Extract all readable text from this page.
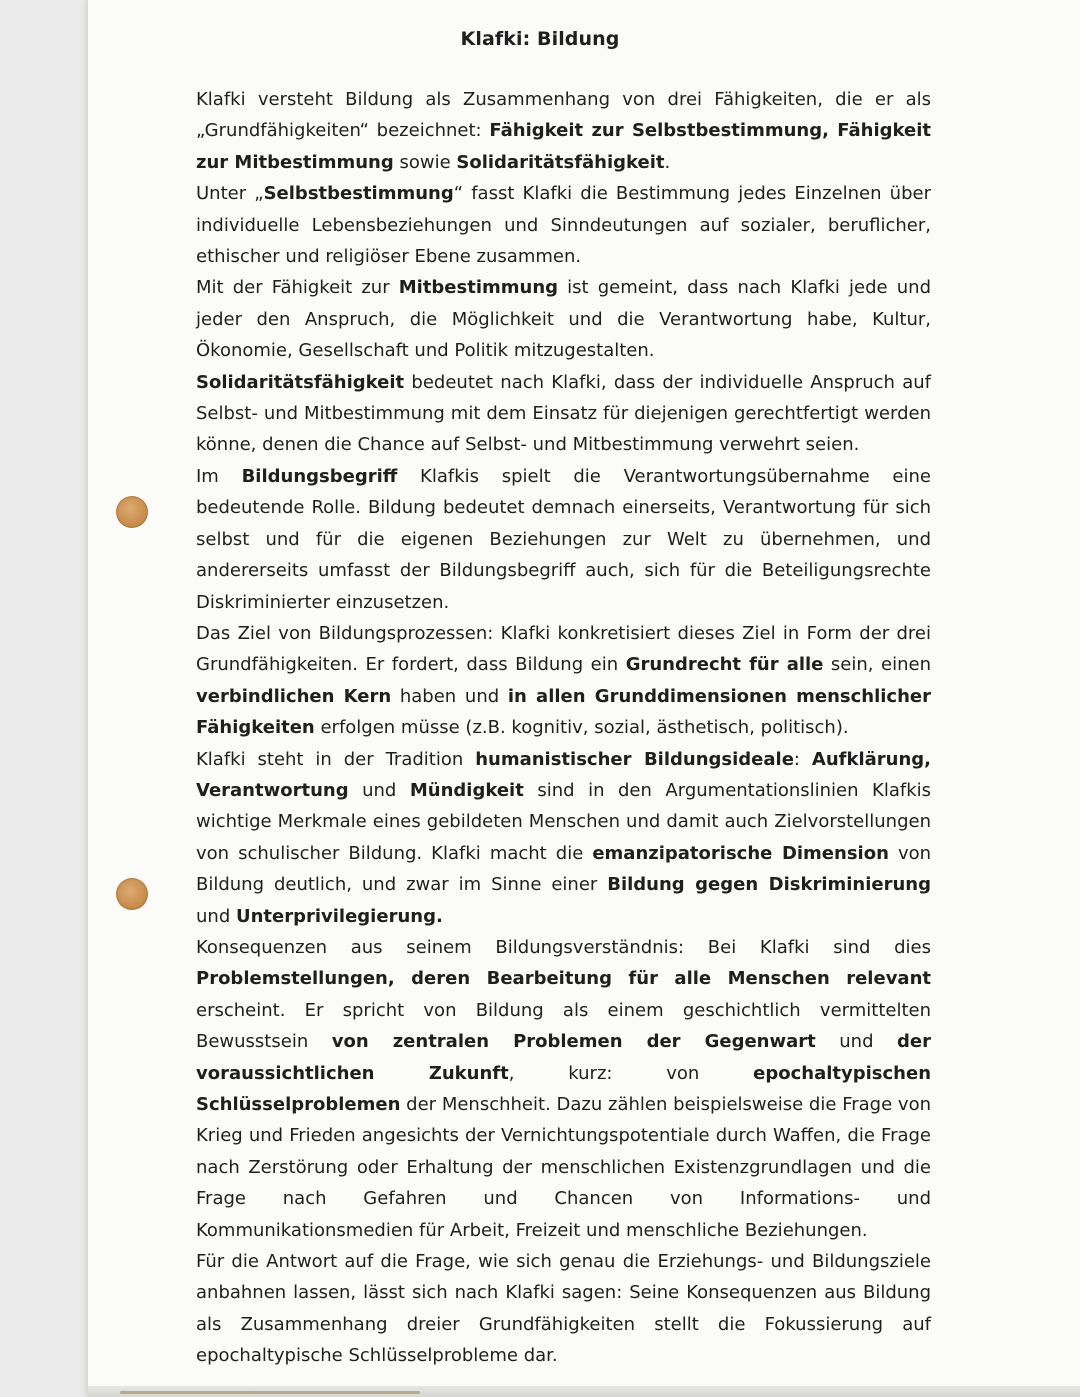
Klafki: Bildung

Klafki versteht Bildung als Zusammenhang von drei Fähigkeiten, die er als „Grundfähigkeiten“ bezeichnet: Fähigkeit zur Selbstbestimmung, Fähigkeit zur Mitbestimmung sowie Solidaritätsfähigkeit.

Unter „Selbstbestimmung“ fasst Klafki die Bestimmung jedes Einzelnen über individuelle Lebensbeziehungen und Sinndeutungen auf sozialer, beruflicher, ethischer und religiöser Ebene zusammen.

Mit der Fähigkeit zur Mitbestimmung ist gemeint, dass nach Klafki jede und jeder den Anspruch, die Möglichkeit und die Verantwortung habe, Kultur, Ökonomie, Gesellschaft und Politik mitzugestalten.

Solidaritätsfähigkeit bedeutet nach Klafki, dass der individuelle Anspruch auf Selbst- und Mitbestimmung mit dem Einsatz für diejenigen gerechtfertigt werden könne, denen die Chance auf Selbst- und Mitbestimmung verwehrt seien.

Im Bildungsbegriff Klafkis spielt die Verantwortungsübernahme eine bedeutende Rolle. Bildung bedeutet demnach einerseits, Verantwortung für sich selbst und für die eigenen Beziehungen zur Welt zu übernehmen, und andererseits umfasst der Bildungsbegriff auch, sich für die Beteiligungsrechte Diskriminierter einzusetzen.

Das Ziel von Bildungsprozessen: Klafki konkretisiert dieses Ziel in Form der drei Grundfähigkeiten. Er fordert, dass Bildung ein Grundrecht für alle sein, einen verbindlichen Kern haben und in allen Grunddimensionen menschlicher Fähigkeiten erfolgen müsse (z.B. kognitiv, sozial, ästhetisch, politisch).

Klafki steht in der Tradition humanistischer Bildungsideale: Aufklärung, Verantwortung und Mündigkeit sind in den Argumentationslinien Klafkis wichtige Merkmale eines gebildeten Menschen und damit auch Zielvorstellungen von schulischer Bildung. Klafki macht die emanzipatorische Dimension von Bildung deutlich, und zwar im Sinne einer Bildung gegen Diskriminierung und Unterprivilegierung.

Konsequenzen aus seinem Bildungsverständnis: Bei Klafki sind dies Problemstellungen, deren Bearbeitung für alle Menschen relevant erscheint. Er spricht von Bildung als einem geschichtlich vermittelten Bewusstsein von zentralen Problemen der Gegenwart und der voraussichtlichen Zukunft, kurz: von epochaltypischen Schlüsselproblemen der Menschheit. Dazu zählen beispielsweise die Frage von Krieg und Frieden angesichts der Vernichtungspotentiale durch Waffen, die Frage nach Zerstörung oder Erhaltung der menschlichen Existenzgrundlagen und die Frage nach Gefahren und Chancen von Informations- und Kommunikationsmedien für Arbeit, Freizeit und menschliche Beziehungen.

Für die Antwort auf die Frage, wie sich genau die Erziehungs- und Bildungsziele anbahnen lassen, lässt sich nach Klafki sagen: Seine Konsequenzen aus Bildung als Zusammenhang dreier Grundfähigkeiten stellt die Fokussierung auf epochaltypische Schlüsselprobleme dar.
